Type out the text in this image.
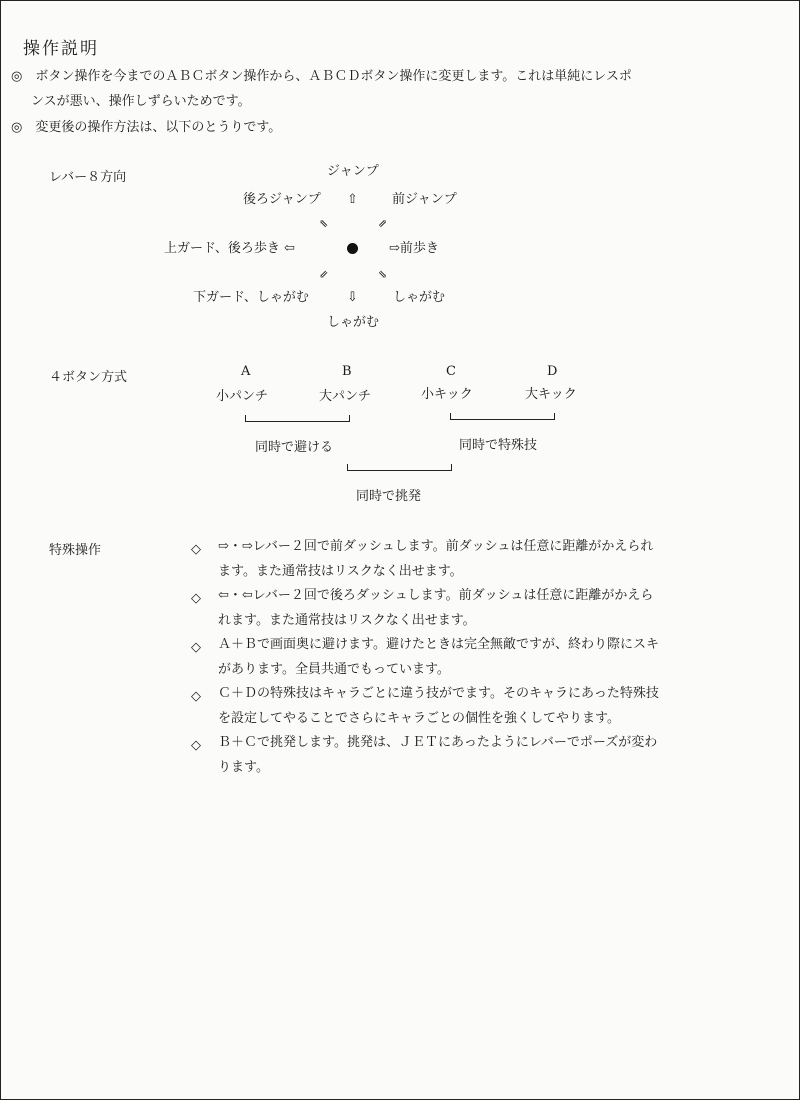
操作説明
◎　ボタン操作を今までのＡＢＣボタン操作から、ＡＢＣＤボタン操作に変更します。これは単純にレスポ
ンスが悪い、操作しずらいためです。
◎　変更後の操作方法は、以下のとうりです。
レバー８方向	ジャンプ
後ろジャンプ ⇧	前ジャンプ
⇖	⇗
上ガード、後ろ歩き ⇦	⇨前歩き
⇙	⇘
下ガード、しゃがむ	⇩	しゃがむ
しゃがむ
４ボタン方式	A	B	C	D
小パンチ	大パンチ	小キック	大キック
同時で避ける	同時で特殊技
同時で挑発
特殊操作	◇ ⇨・⇨レバー２回で前ダッシュします。前ダッシュは任意に距離がかえられ
ます。また通常技はリスクなく出せます。
◇ ⇦・⇦レバー２回で後ろダッシュします。前ダッシュは任意に距離がかえら
れます。また通常技はリスクなく出せます。
◇ Ａ＋Ｂで画面奥に避けます。避けたときは完全無敵ですが、終わり際にスキ
があります。全員共通でもっています。
◇ Ｃ＋Ｄの特殊技はキャラごとに違う技がでます。そのキャラにあった特殊技
を設定してやることでさらにキャラごとの個性を強くしてやります。
◇ Ｂ＋Ｃで挑発します。挑発は、ＪＥＴにあったようにレバーでポーズが変わ
ります。
